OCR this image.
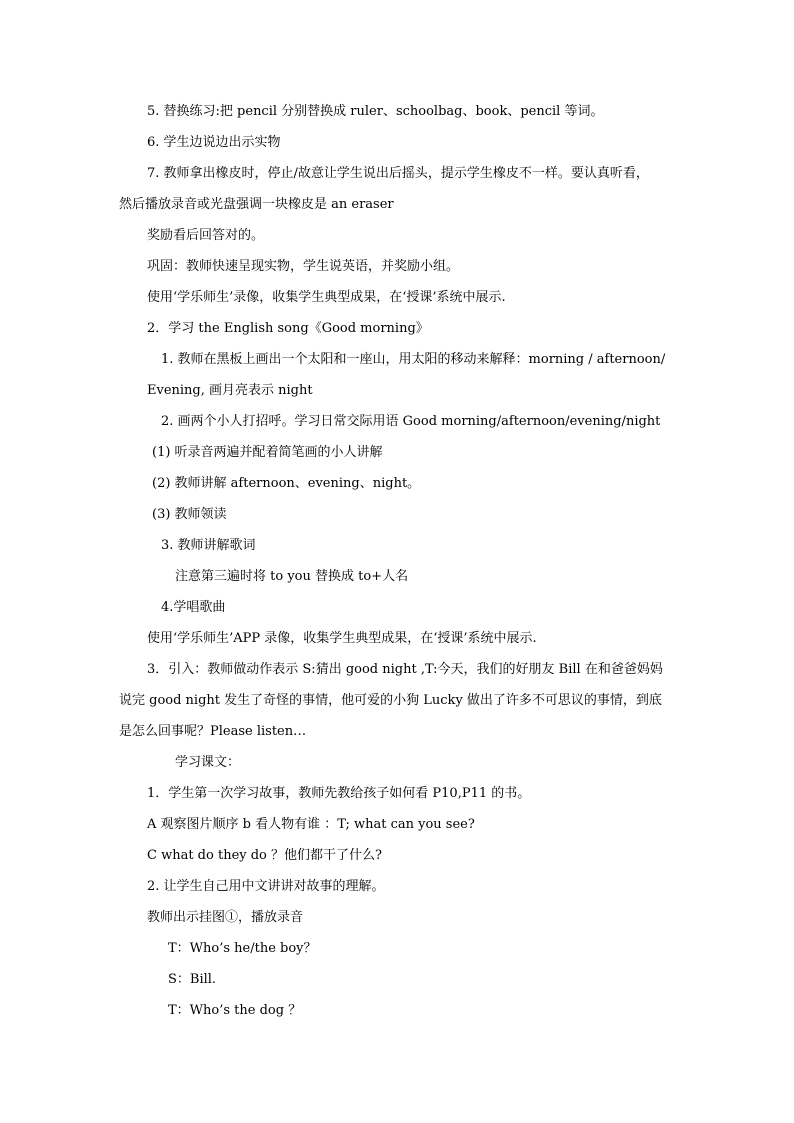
5. 替换练习:把 pencil 分别替换成 ruler、schoolbag、book、pencil 等词。
6. 学生边说边出示实物
7. 教师拿出橡皮时，停止/故意让学生说出后摇头，提示学生橡皮不一样。要认真听看，
然后播放录音或光盘强调一块橡皮是 an eraser
奖励看后回答对的。
巩固：教师快速呈现实物，学生说英语，并奖励小组。
使用‘学乐师生’录像，收集学生典型成果，在‘授课’系统中展示.
2．学习 the English song《Good morning》
1. 教师在黑板上画出一个太阳和一座山，用太阳的移动来解释：morning / afternoon/
Evening, 画月亮表示 night
2. 画两个小人打招呼。学习日常交际用语 Good morning/afternoon/evening/night
(1) 听录音两遍并配着简笔画的小人讲解
(2) 教师讲解 afternoon、evening、night。
(3) 教师领读
3. 教师讲解歌词
注意第三遍时将 to you 替换成 to+人名
4.学唱歌曲
使用‘学乐师生’APP 录像，收集学生典型成果，在‘授课’系统中展示.
3．引入：教师做动作表示 S:猜出 good night ,T:今天，我们的好朋友 Bill 在和爸爸妈妈
说完 good night 发生了奇怪的事情，他可爱的小狗 Lucky 做出了许多不可思议的事情，到底
是怎么回事呢？Please listen…
学习课文：
1．学生第一次学习故事，教师先教给孩子如何看 P10,P11 的书。
A 观察图片顺序 b 看人物有谁 ：T; what can you see?
C what do they do ？他们都干了什么?
2. 让学生自己用中文讲讲对故事的理解。
教师出示挂图①，播放录音
T：Who’s he/the boy？
S：Bill.
T：Who’s the dog ？
